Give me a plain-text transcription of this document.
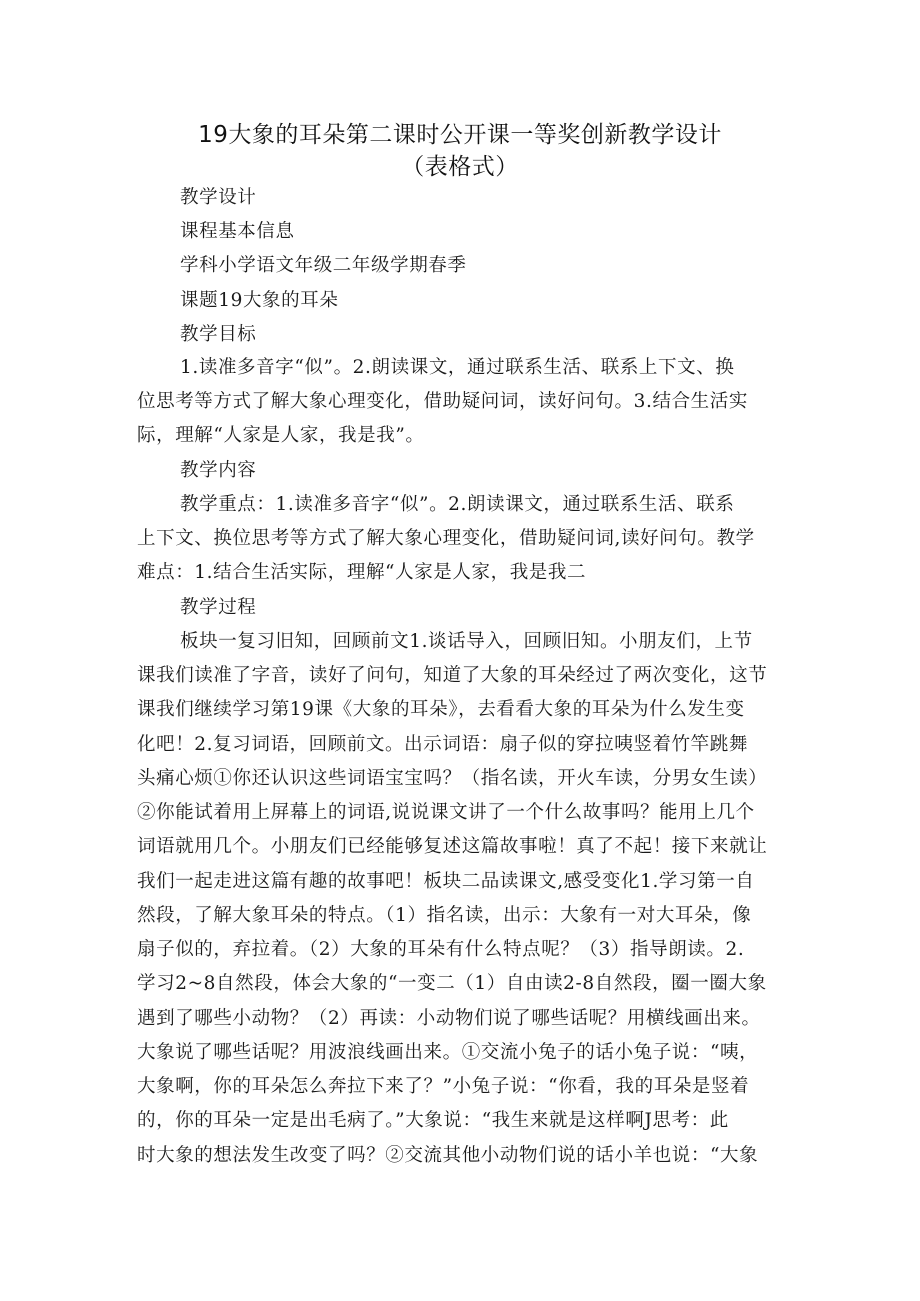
19大象的耳朵第二课时公开课一等奖创新教学设计
（表格式）
教学设计
课程基本信息
学科小学语文年级二年级学期春季
课题19大象的耳朵
教学目标
1.读准多音字“似”。2.朗读课文，通过联系生活、联系上下文、换
位思考等方式了解大象心理变化，借助疑问词，读好问句。3.结合生活实
际，理解“人家是人家，我是我”。
教学内容
教学重点：1.读准多音字“似”。2.朗读课文，通过联系生活、联系
上下文、换位思考等方式了解大象心理变化，借助疑问词,读好问句。教学
难点：1.结合生活实际，理解“人家是人家，我是我二
教学过程
板块一复习旧知，回顾前文1.谈话导入，回顾旧知。小朋友们，上节
课我们读准了字音，读好了问句，知道了大象的耳朵经过了两次变化，这节
课我们继续学习第19课《大象的耳朵》，去看看大象的耳朵为什么发生变
化吧！2.复习词语，回顾前文。出示词语：扇子似的穿拉咦竖着竹竿跳舞
头痛心烦①你还认识这些词语宝宝吗？（指名读，开火车读，分男女生读）
②你能试着用上屏幕上的词语,说说课文讲了一个什么故事吗？能用上几个
词语就用几个。小朋友们已经能够复述这篇故事啦！真了不起！接下来就让
我们一起走进这篇有趣的故事吧！板块二品读课文,感受变化1.学习第一自
然段，了解大象耳朵的特点。（1）指名读，出示：大象有一对大耳朵，像
扇子似的，弃拉着。（2）大象的耳朵有什么特点呢？（3）指导朗读。2.
学习2~8自然段，体会大象的“一变二（1）自由读2-8自然段，圈一圈大象
遇到了哪些小动物？（2）再读：小动物们说了哪些话呢？用横线画出来。
大象说了哪些话呢？用波浪线画出来。①交流小兔子的话小兔子说：“咦，
大象啊，你的耳朵怎么奔拉下来了？”小兔子说：“你看，我的耳朵是竖着
的，你的耳朵一定是出毛病了。”大象说：“我生来就是这样啊J思考：此
时大象的想法发生改变了吗？②交流其他小动物们说的话小羊也说：“大象
